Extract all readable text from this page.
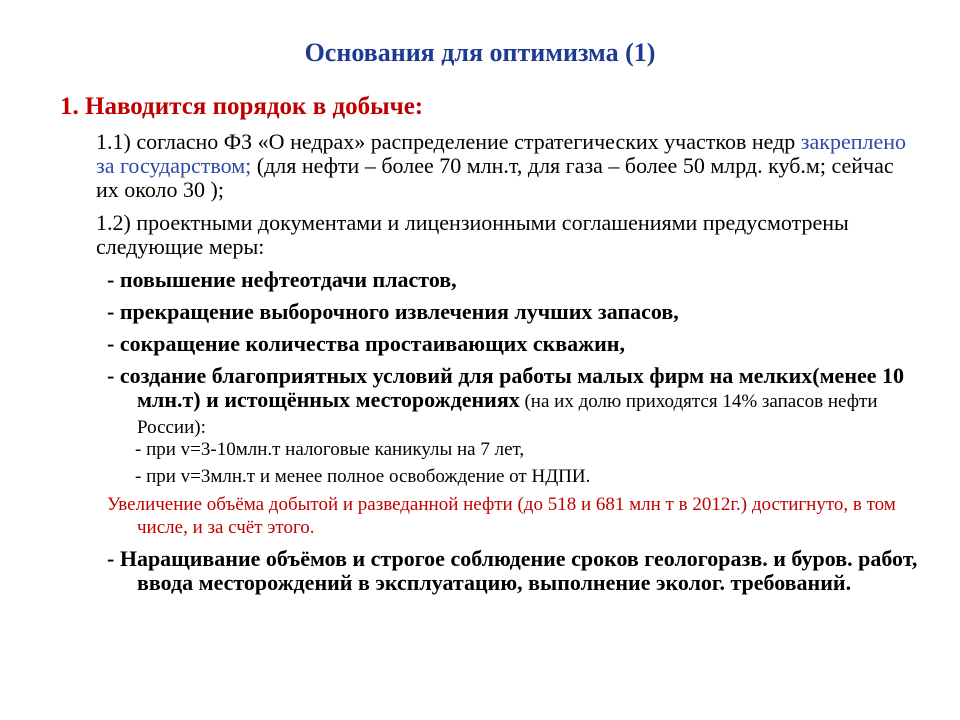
Основания для оптимизма (1)
1. Наводится порядок в добыче:
1.1) согласно ФЗ «О недрах» распределение стратегических участков недр закреплено за государством; (для нефти – более 70 млн.т, для газа – более 50 млрд. куб.м; сейчас их около 30 );
1.2) проектными документами и лицензионными соглашениями предусмотрены следующие меры:
- повышение нефтеотдачи пластов,
- прекращение выборочного извлечения лучших запасов,
- сокращение количества простаивающих скважин,
- создание благоприятных условий для работы малых фирм на мелких(менее 10 млн.т) и истощённых месторождениях (на их долю приходятся 14% запасов нефти России):
- при v=3-10млн.т налоговые каникулы на 7 лет,
- при v=3млн.т и менее полное освобождение от НДПИ.
Увеличение объёма добытой и разведанной нефти (до 518 и 681 млн т в 2012г.) достигнуто, в том числе, и за счёт этого.
- Наращивание объёмов и строгое соблюдение сроков геологоразв. и буров. работ, ввода месторождений в эксплуатацию, выполнение эколог. требований.
